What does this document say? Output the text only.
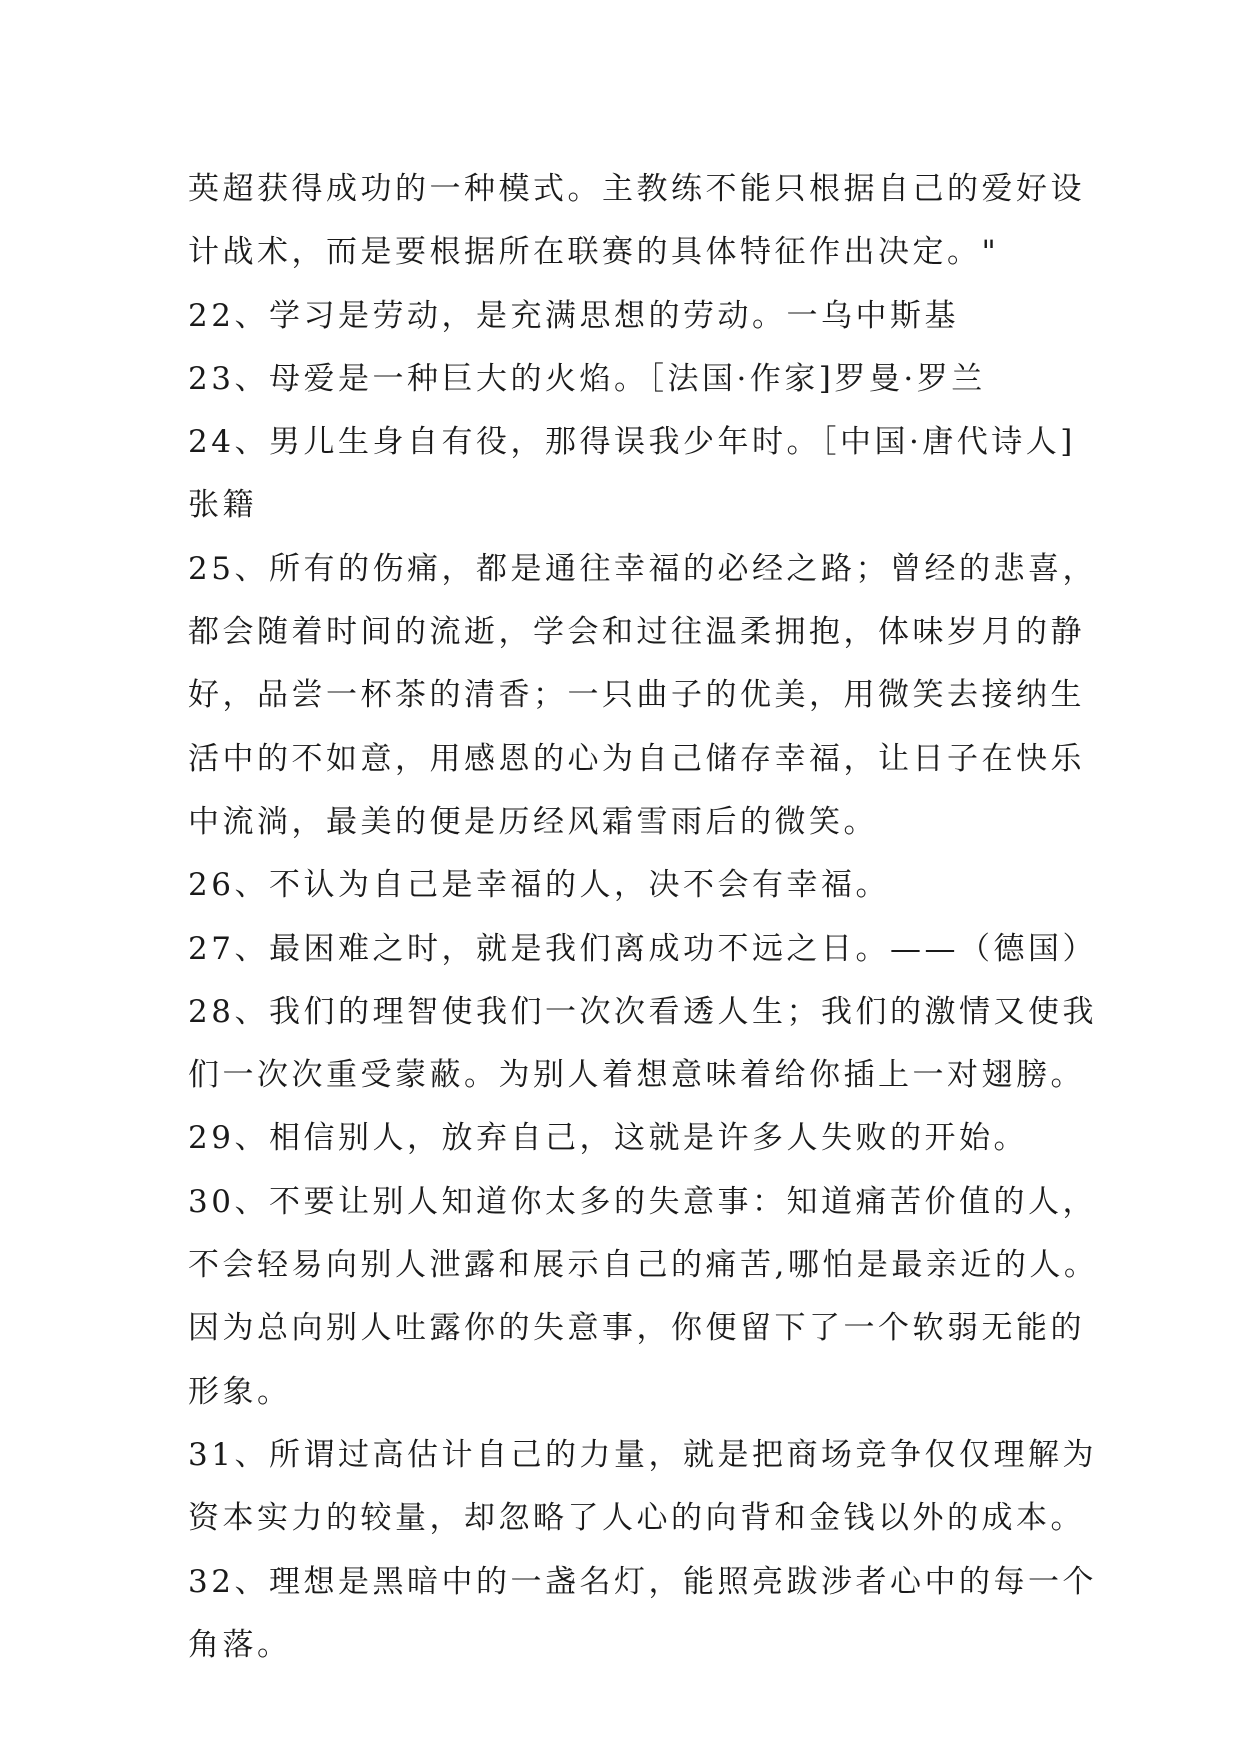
英超获得成功的一种模式。主教练不能只根据自己的爱好设
计战术，而是要根据所在联赛的具体特征作出决定。"
22、学习是劳动，是充满思想的劳动。一乌中斯基
23、母爱是一种巨大的火焰。［法国·作家]罗曼·罗兰
24、男儿生身自有役，那得误我少年时。［中国·唐代诗人]
张籍
25、所有的伤痛，都是通往幸福的必经之路；曾经的悲喜，
都会随着时间的流逝，学会和过往温柔拥抱，体味岁月的静
好，品尝一杯茶的清香；一只曲子的优美，用微笑去接纳生
活中的不如意，用感恩的心为自己储存幸福，让日子在快乐
中流淌，最美的便是历经风霜雪雨后的微笑。
26、不认为自己是幸福的人，决不会有幸福。
27、最困难之时，就是我们离成功不远之日。——（德国）
28、我们的理智使我们一次次看透人生；我们的激情又使我
们一次次重受蒙蔽。为别人着想意味着给你插上一对翅膀。
29、相信别人，放弃自己，这就是许多人失败的开始。
30、不要让别人知道你太多的失意事：知道痛苦价值的人，
不会轻易向别人泄露和展示自己的痛苦,哪怕是最亲近的人。
因为总向别人吐露你的失意事，你便留下了一个软弱无能的
形象。
31、所谓过高估计自己的力量，就是把商场竞争仅仅理解为
资本实力的较量，却忽略了人心的向背和金钱以外的成本。
32、理想是黑暗中的一盏名灯，能照亮跋涉者心中的每一个
角落。
